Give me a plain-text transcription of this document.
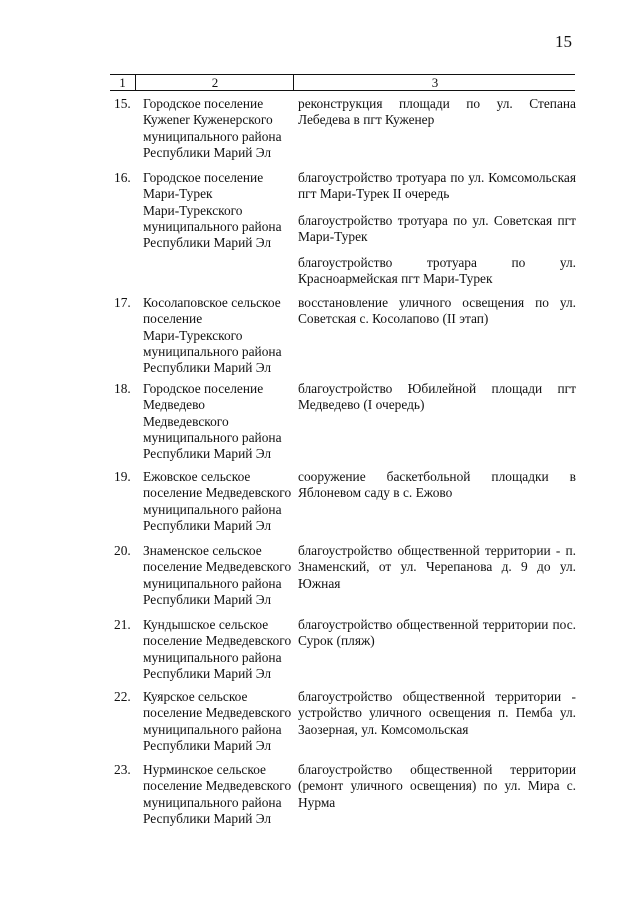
15
1	2	3
15. Городское поселение
Кужener Куженерского
муниципального района
Республики Марий Эл
реконструкция площади по ул. Степана Лебедева в пгт Куженер
16. Городское поселение
Мари-Турек
Мари-Турекского
муниципального района
Республики Марий Эл
благоустройство тротуара по ул. Комсомольская пгт Мари-Турек II очередь
благоустройство тротуара по ул. Советская пгт Мари-Турек
благоустройство тротуара по ул. Красноармейская пгт Мари-Турек
17. Косолаповское сельское
поселение
Мари-Турекского
муниципального района
Республики Марий Эл
восстановление уличного освещения по ул. Советская с. Косолапово (II этап)
18. Городское поселение
Медведево
Медведевского
муниципального района
Республики Марий Эл
благоустройство Юбилейной площади пгт Медведево (I очередь)
19. Ежовское сельское
поселение Медведевского
муниципального района
Республики Марий Эл
сооружение баскетбольной площадки в Яблоневом саду в с. Ежово
20. Знаменское сельское
поселение Медведевского
муниципального района
Республики Марий Эл
благоустройство общественной территории - п. Знаменский, от ул. Черепанова д. 9 до ул. Южная
21. Кундышское сельское
поселение Медведевского
муниципального района
Республики Марий Эл
благоустройство общественной территории пос. Сурок (пляж)
22. Куярское сельское
поселение Медведевского
муниципального района
Республики Марий Эл
благоустройство общественной территории - устройство уличного освещения п. Пемба ул. Заозерная, ул. Комсомольская
23. Нурминское сельское
поселение Медведевского
муниципального района
Республики Марий Эл
благоустройство общественной территории (ремонт уличного освещения) по ул. Мира с. Нурма
